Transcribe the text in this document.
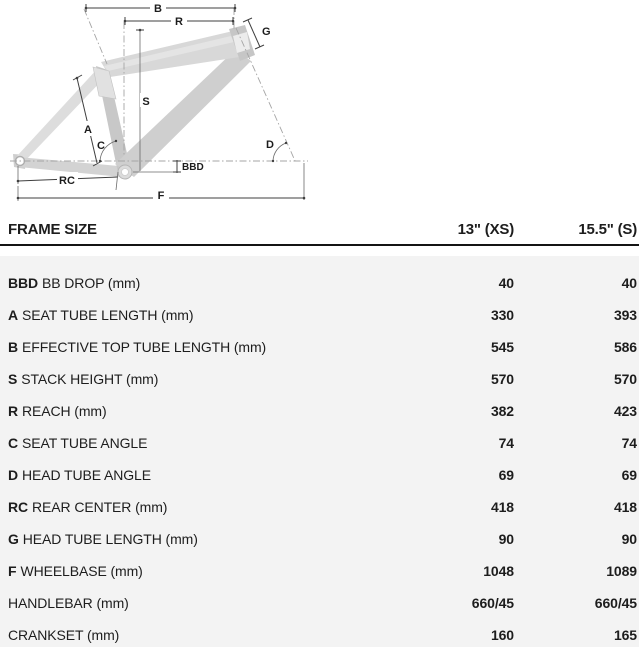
B
R
G
S
A
C	D
BBD
RC
F
FRAME SIZE	13" (XS)	15.5" (S)
BBD BB DROP (mm)	40	40
A SEAT TUBE LENGTH (mm)	330	393
B EFFECTIVE TOP TUBE LENGTH (mm)	545	586
S STACK HEIGHT (mm)	570	570
R REACH (mm)	382	423
C SEAT TUBE ANGLE	74	74
D HEAD TUBE ANGLE	69	69
RC REAR CENTER (mm)	418	418
G HEAD TUBE LENGTH (mm)	90	90
F WHEELBASE (mm)	1048	1089
HANDLEBAR (mm)	660/45	660/45
CRANKSET (mm)	160	165
